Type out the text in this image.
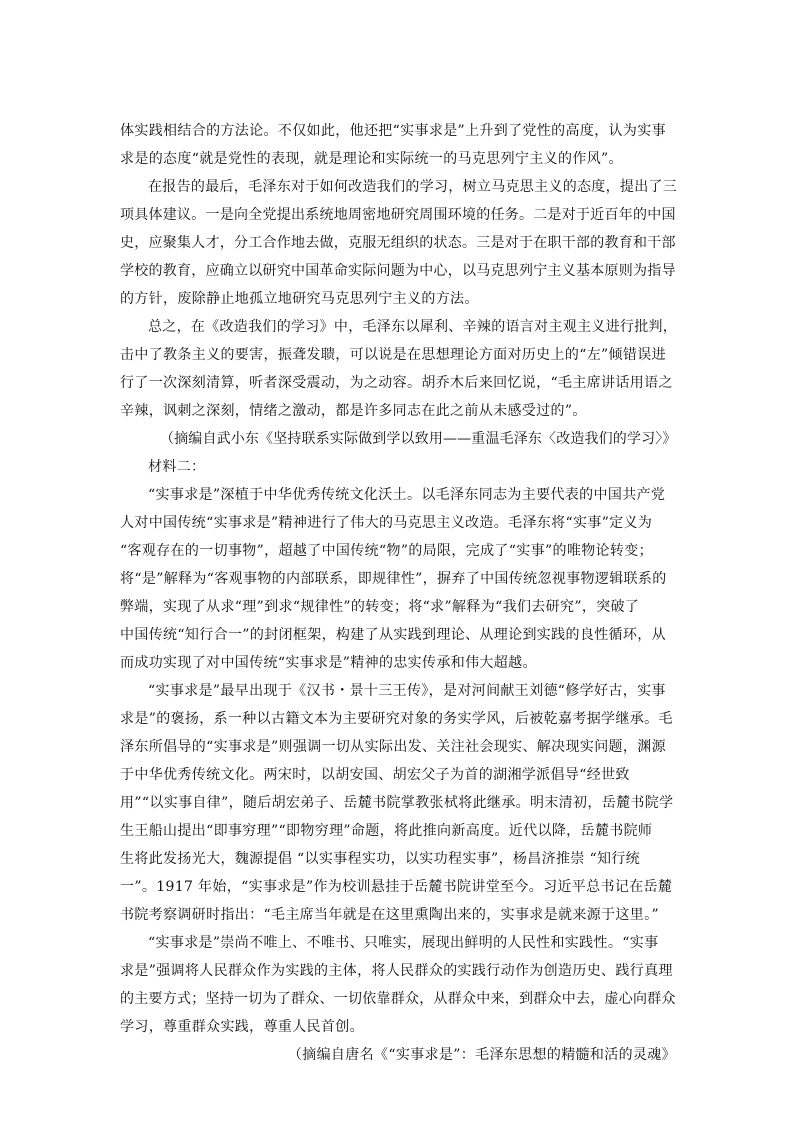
体实践相结合的方法论。不仅如此，他还把“实事求是”上升到了党性的高度，认为实事
求是的态度“就是党性的表现，就是理论和实际统一的马克思列宁主义的作风”。
在报告的最后，毛泽东对于如何改造我们的学习，树立马克思主义的态度，提出了三
项具体建议。一是向全党提出系统地周密地研究周围环境的任务。二是对于近百年的中国
史，应聚集人才，分工合作地去做，克服无组织的状态。三是对于在职干部的教育和干部
学校的教育，应确立以研究中国革命实际问题为中心，以马克思列宁主义基本原则为指导
的方针，废除静止地孤立地研究马克思列宁主义的方法。
总之，在《改造我们的学习》中，毛泽东以犀利、辛辣的语言对主观主义进行批判，
击中了教条主义的要害，振聋发聩，可以说是在思想理论方面对历史上的“左”倾错误进
行了一次深刻清算，听者深受震动，为之动容。胡乔木后来回忆说，“毛主席讲话用语之
辛辣，讽刺之深刻，情绪之激动，都是许多同志在此之前从未感受过的”。
（摘编自武小东《坚持联系实际做到学以致用——重温毛泽东〈改造我们的学习〉》
材料二：
“实事求是”深植于中华优秀传统文化沃土。以毛泽东同志为主要代表的中国共产党
人对中国传统“实事求是”精神进行了伟大的马克思主义改造。毛泽东将“实事”定义为
“客观存在的一切事物”，超越了中国传统“物”的局限，完成了“实事”的唯物论转变；
将“是”解释为“客观事物的内部联系，即规律性”，摒弃了中国传统忽视事物逻辑联系的
弊端，实现了从求“理”到求“规律性”的转变；将“求”解释为“我们去研究”，突破了
中国传统“知行合一”的封闭框架，构建了从实践到理论、从理论到实践的良性循环，从
而成功实现了对中国传统“实事求是”精神的忠实传承和伟大超越。
“实事求是”最早出现于《汉书・景十三王传》，是对河间献王刘德“修学好古，实事
求是”的褒扬，系一种以古籍文本为主要研究对象的务实学风，后被乾嘉考据学继承。毛
泽东所倡导的“实事求是”则强调一切从实际出发、关注社会现实、解决现实问题，渊源
于中华优秀传统文化。两宋时，以胡安国、胡宏父子为首的湖湘学派倡导“经世致
用”“以实事自律”，随后胡宏弟子、岳麓书院掌教张栻将此继承。明末清初，岳麓书院学
生王船山提出“即事穷理”“即物穷理”命题，将此推向新高度。近代以降，岳麓书院师
生将此发扬光大，魏源提倡 “以实事程实功，以实功程实事”，杨昌济推崇 “知行统
一”。1917 年始，“实事求是”作为校训悬挂于岳麓书院讲堂至今。习近平总书记在岳麓
书院考察调研时指出：“毛主席当年就是在这里熏陶出来的，实事求是就来源于这里。”
“实事求是”崇尚不唯上、不唯书、只唯实，展现出鲜明的人民性和实践性。“实事
求是”强调将人民群众作为实践的主体，将人民群众的实践行动作为创造历史、践行真理
的主要方式；坚持一切为了群众、一切依靠群众，从群众中来，到群众中去，虚心向群众
学习，尊重群众实践，尊重人民首创。
（摘编自唐名《“实事求是”：毛泽东思想的精髓和活的灵魂》
